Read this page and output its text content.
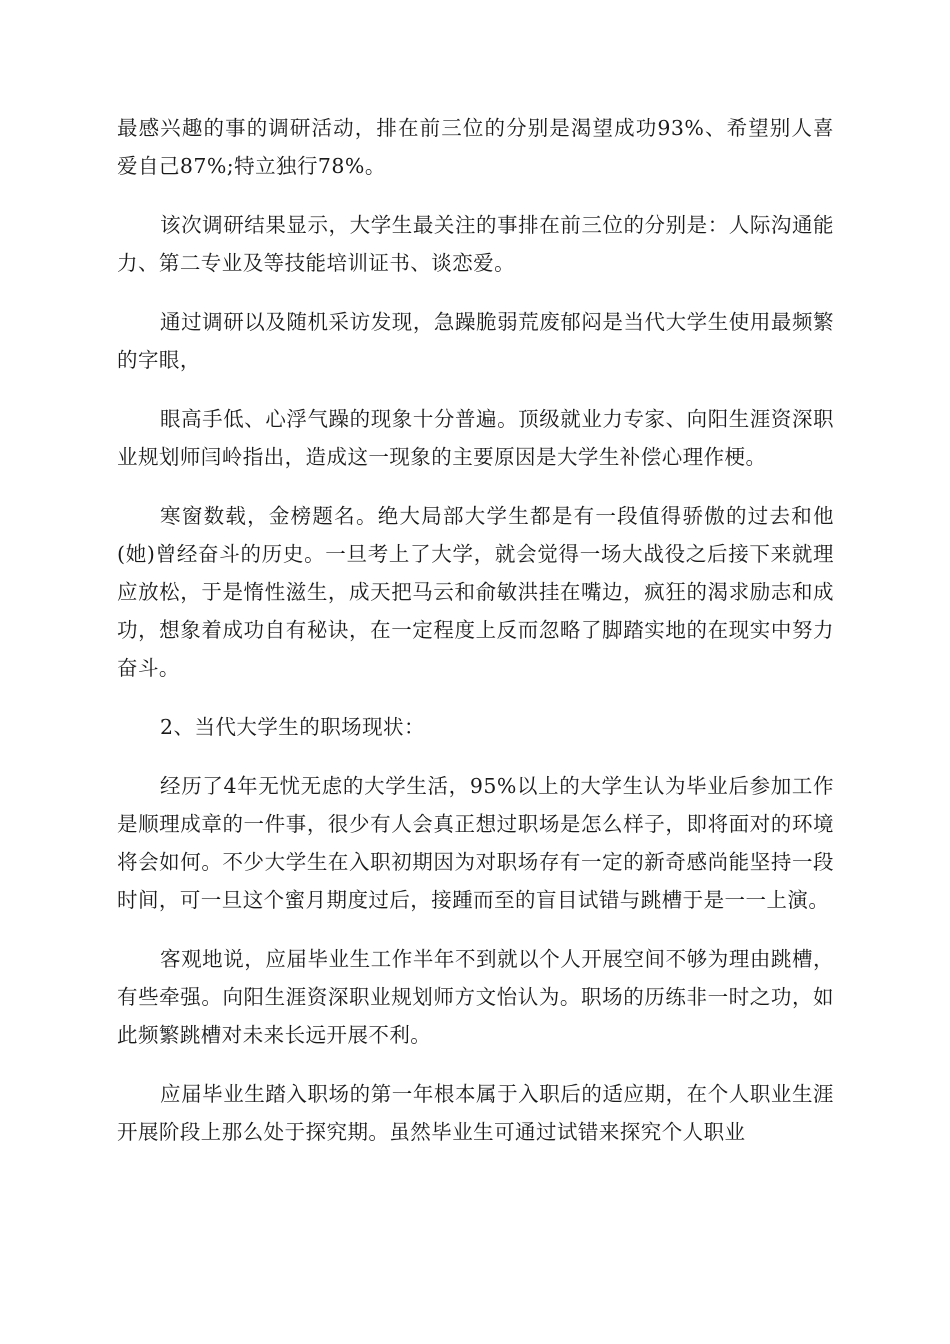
最感兴趣的事的调研活动，排在前三位的分别是渴望成功93%、希望别人喜爱自己87%;特立独行78%。

该次调研结果显示，大学生最关注的事排在前三位的分别是：人际沟通能力、第二专业及等技能培训证书、谈恋爱。

通过调研以及随机采访发现，急躁脆弱荒废郁闷是当代大学生使用最频繁的字眼，

眼高手低、心浮气躁的现象十分普遍。顶级就业力专家、向阳生涯资深职业规划师闫岭指出，造成这一现象的主要原因是大学生补偿心理作梗。

寒窗数载，金榜题名。绝大局部大学生都是有一段值得骄傲的过去和他(她)曾经奋斗的历史。一旦考上了大学，就会觉得一场大战役之后接下来就理应放松，于是惰性滋生，成天把马云和俞敏洪挂在嘴边，疯狂的渴求励志和成功，想象着成功自有秘诀，在一定程度上反而忽略了脚踏实地的在现实中努力奋斗。

2、当代大学生的职场现状：

经历了4年无忧无虑的大学生活，95%以上的大学生认为毕业后参加工作是顺理成章的一件事，很少有人会真正想过职场是怎么样子，即将面对的环境将会如何。不少大学生在入职初期因为对职场存有一定的新奇感尚能坚持一段时间，可一旦这个蜜月期度过后，接踵而至的盲目试错与跳槽于是一一上演。

客观地说，应届毕业生工作半年不到就以个人开展空间不够为理由跳槽，有些牵强。向阳生涯资深职业规划师方文怡认为。职场的历练非一时之功，如此频繁跳槽对未来长远开展不利。

应届毕业生踏入职场的第一年根本属于入职后的适应期，在个人职业生涯开展阶段上那么处于探究期。虽然毕业生可通过试错来探究个人职业
